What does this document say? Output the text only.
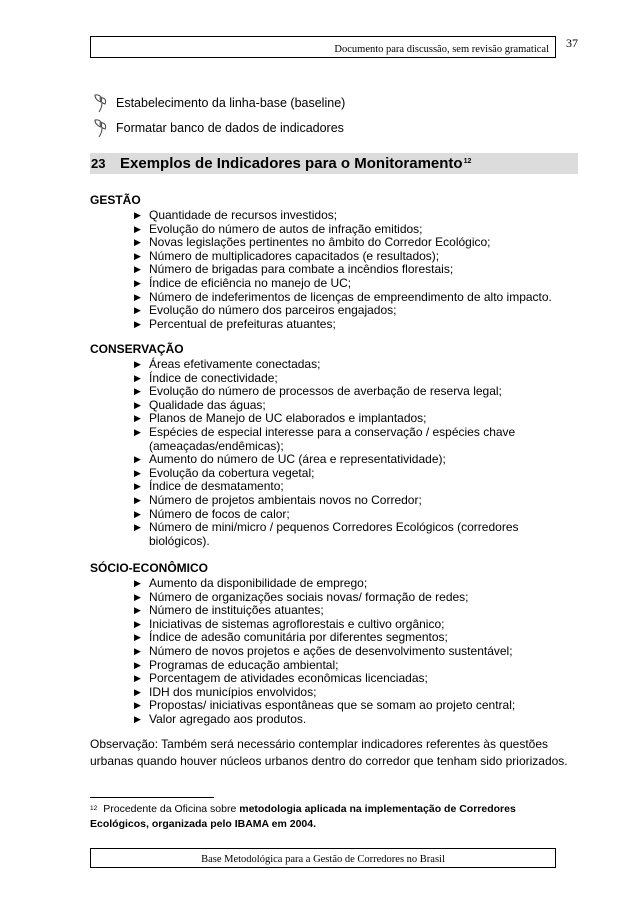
Documento para discussão, sem revisão gramatical 37
Estabelecimento da linha-base (baseline)
Formatar banco de dados de indicadores
23 Exemplos de Indicadores para o Monitoramento 12
GESTÃO
▶ Quantidade de recursos investidos;
▶ Evolução do número de autos de infração emitidos;
▶ Novas legislações pertinentes no âmbito do Corredor Ecológico;
▶ Número de multiplicadores capacitados (e resultados);
▶ Número de brigadas para combate a incêndios florestais;
▶ Índice de eficiência no manejo de UC;
▶ Número de indeferimentos de licenças de empreendimento de alto impacto.
▶ Evolução do número dos parceiros engajados;
▶ Percentual de prefeituras atuantes;
CONSERVAÇÃO
▶ Áreas efetivamente conectadas;
▶ Índice de conectividade;
▶ Evolução do número de processos de averbação de reserva legal;
▶ Qualidade das águas;
▶ Planos de Manejo de UC elaborados e implantados;
▶ Espécies de especial interesse para a conservação / espécies chave (ameaçadas/endêmicas);
▶ Aumento do número de UC (área e representatividade);
▶ Evolução da cobertura vegetal;
▶ Índice de desmatamento;
▶ Número de projetos ambientais novos no Corredor;
▶ Número de focos de calor;
▶ Número de mini/micro / pequenos Corredores Ecológicos (corredores biológicos).
SÓCIO-ECONÔMICO
▶ Aumento da disponibilidade de emprego;
▶ Número de organizações sociais novas/ formação de redes;
▶ Número de instituições atuantes;
▶ Iniciativas de sistemas agroflorestais e cultivo orgânico;
▶ Índice de adesão comunitária por diferentes segmentos;
▶ Número de novos projetos e ações de desenvolvimento sustentável;
▶ Programas de educação ambiental;
▶ Porcentagem de atividades econômicas licenciadas;
▶ IDH dos municípios envolvidos;
▶ Propostas/ iniciativas espontâneas que se somam ao projeto central;
▶ Valor agregado aos produtos.
Observação: Também será necessário contemplar indicadores referentes às questões urbanas quando houver núcleos urbanos dentro do corredor que tenham sido priorizados.
$^{12}$ Procedente da Oficina sobre metodologia aplicada na implementação de Corredores Ecológicos, organizada pelo IBAMA em 2004.
Base Metodológica para a Gestão de Corredores no Brasil
